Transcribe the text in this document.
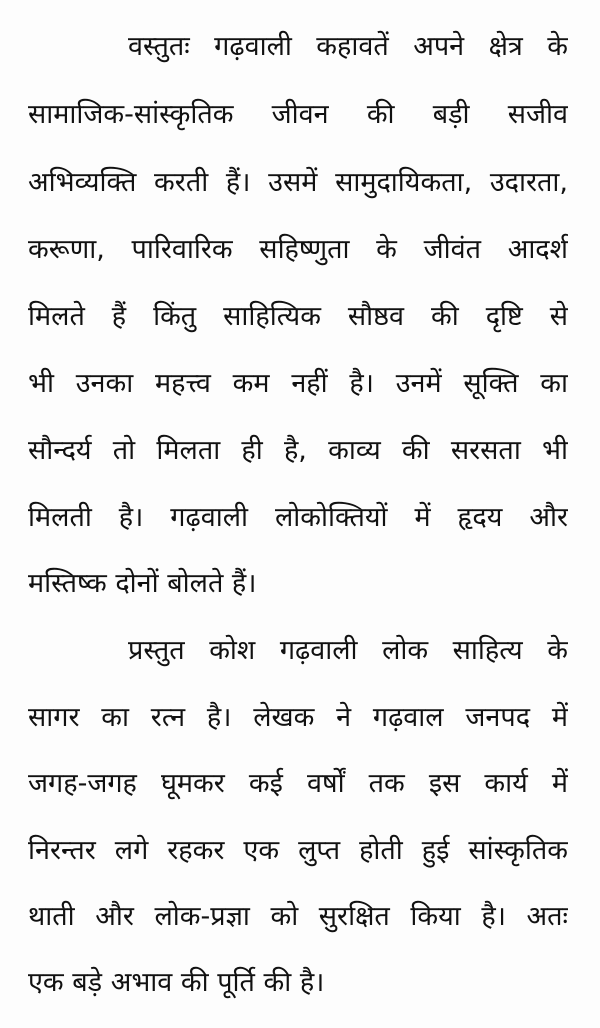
वस्तुतः गढ़वाली कहावतें अपने क्षेत्र के
सामाजिक-सांस्कृतिक जीवन की बड़ी सजीव
अभिव्यक्ति करती हैं। उसमें सामुदायिकता, उदारता,
करूणा, पारिवारिक सहिष्णुता के जीवंत आदर्श
मिलते हैं किंतु साहित्यिक सौष्ठव की दृष्टि से
भी उनका महत्त्व कम नहीं है। उनमें सूक्ति का
सौन्दर्य तो मिलता ही है, काव्य की सरसता भी
मिलती है। गढ़वाली लोकोक्तियों में हृदय और
मस्तिष्क दोनों बोलते हैं।
प्रस्तुत कोश गढ़वाली लोक साहित्य के
सागर का रत्न है। लेखक ने गढ़वाल जनपद में
जगह-जगह घूमकर कई वर्षों तक इस कार्य में
निरन्तर लगे रहकर एक लुप्त होती हुई सांस्कृतिक
थाती और लोक-प्रज्ञा को सुरक्षित किया है। अतः
एक बड़े अभाव की पूर्ति की है।
